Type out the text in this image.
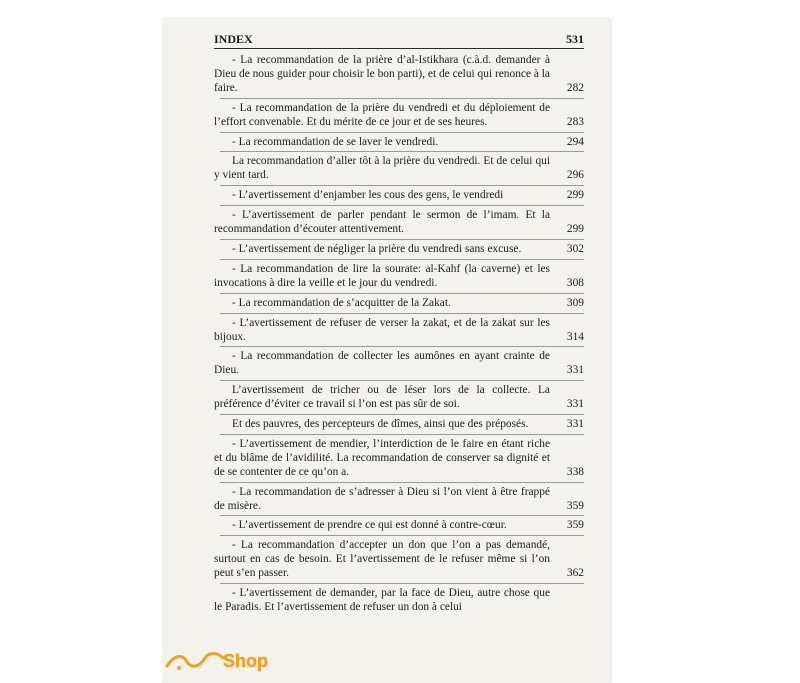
INDEX	531
- La recommandation de la prière d’al-Istikhara (c.à.d. demander à Dieu de nous guider pour choisir le bon parti), et de celui qui renonce à la faire.	282
- La recommandation de la prière du vendredi et du déploiement de l’effort convenable. Et du mérite de ce jour et de ses heures.	283
- La recommandation de se laver le vendredi.	294
La recommandation d’aller tôt à la prière du vendredi. Et de celui qui y vient tard.	296
- L’avertissement d’enjamber les cous des gens, le vendredi	299
- L’avertissement de parler pendant le sermon de l’imam. Et la recommandation d’écouter attentivement.	299
- L’avertissement de négliger la prière du vendredi sans excuse.	302
- La recommandation de lire la sourate: al-Kahf (la caverne) et les invocations à dire la veille et le jour du vendredi.	308
- La recommandation de s’acquitter de la Zakat.	309
- L’avertissement de refuser de verser la zakat, et de la zakat sur les bijoux.	314
- La recommandation de collecter les aumônes en ayant crainte de Dieu.	331
L’avertissement de tricher ou de léser lors de la collecte. La préférence d’éviter ce travail si l’on est pas sûr de soi.	331
Et des pauvres, des percepteurs de dîmes, ainsi que des préposés.	331
- L’avertissement de mendier, l’interdiction de le faire en étant riche et du blâme de l’avidilité. La recommandation de conserver sa dignité et de se contenter de ce qu’on a.	338
- La recommandation de s’adresser à Dieu si l’on vient à être frappé de misère.	359
- L’avertissement de prendre ce qui est donné à contre-cœur.	359
- La recommandation d’accepter un don que l’on a pas demandé, surtout en cas de besoin. Et l’avertissement de le refuser même si l’on peut s’en passer.	362
- L’avertissement de demander, par la face de Dieu, autre chose que le Paradis. Et l’avertissement de refuser un don à celui
Shop
